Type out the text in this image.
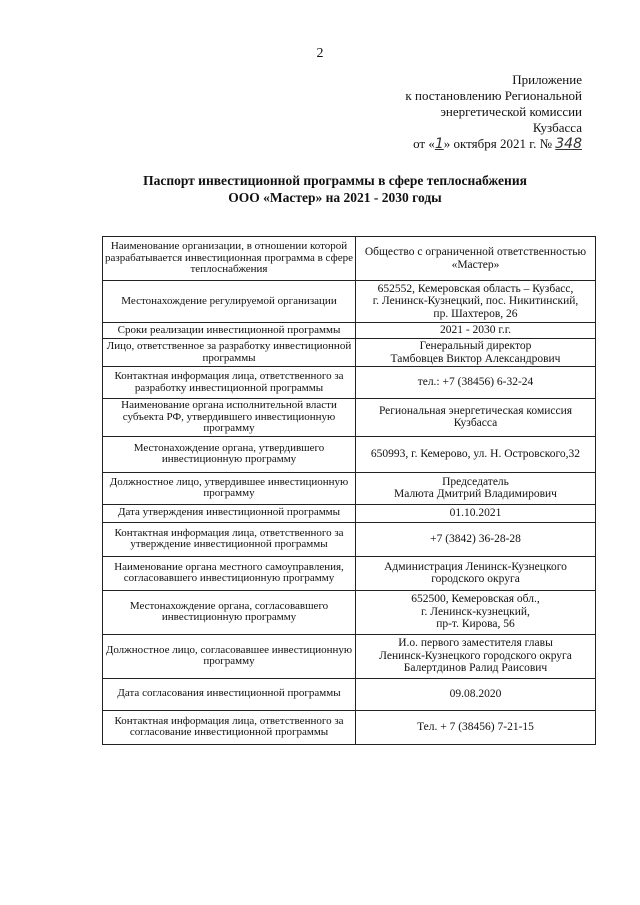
2
Приложение
к постановлению Региональной
энергетической комиссии
Кузбасса
от «1» октября 2021 г. № 348
Паспорт инвестиционной программы в сфере теплоснабжения
ООО «Мастер» на 2021 - 2030 годы
Наименование организации, в отношении которой разрабатывается инвестиционная программа в сфере теплоснабжения	Общество с ограниченной ответственностью «Мастер»

Местонахождение регулируемой организации	652552, Кемеровская область – Кузбасс,
г. Ленинск-Кузнецкий, пос. Никитинский,
пр. Шахтеров, 26

Сроки реализации инвестиционной программы	2021 - 2030 г.г.

Лицо, ответственное за разработку инвестиционной программы	Генеральный директор
Тамбовцев Виктор Александрович

Контактная информация лица, ответственного за разработку инвестиционной программы	тел.: +7 (38456) 6-32-24

Наименование органа исполнительной власти субъекта РФ, утвердившего инвестиционную программу	Региональная энергетическая комиссия
Кузбасса

Местонахождение органа, утвердившего инвестиционную программу	650993, г. Кемерово, ул. Н. Островского,32

Должностное лицо, утвердившее инвестиционную программу	Председатель
Малюта Дмитрий Владимирович

Дата утверждения инвестиционной программы	01.10.2021

Контактная информация лица, ответственного за утверждение инвестиционной программы	+7 (3842) 36-28-28

Наименование органа местного самоуправления, согласовавшего инвестиционную программу	Администрация Ленинск-Кузнецкого
городского округа

Местонахождение органа, согласовавшего инвестиционную программу	652500, Кемеровская обл.,
г. Ленинск-кузнецкий,
пр-т. Кирова, 56

Должностное лицо, согласовавшее инвестиционную программу	И.о. первого заместителя главы
Ленинск-Кузнецкого городского округа
Балертдинов Ралид Раисович

Дата согласования инвестиционной программы	09.08.2020

Контактная информация лица, ответственного за согласование инвестиционной программы	Тел. + 7 (38456) 7-21-15
